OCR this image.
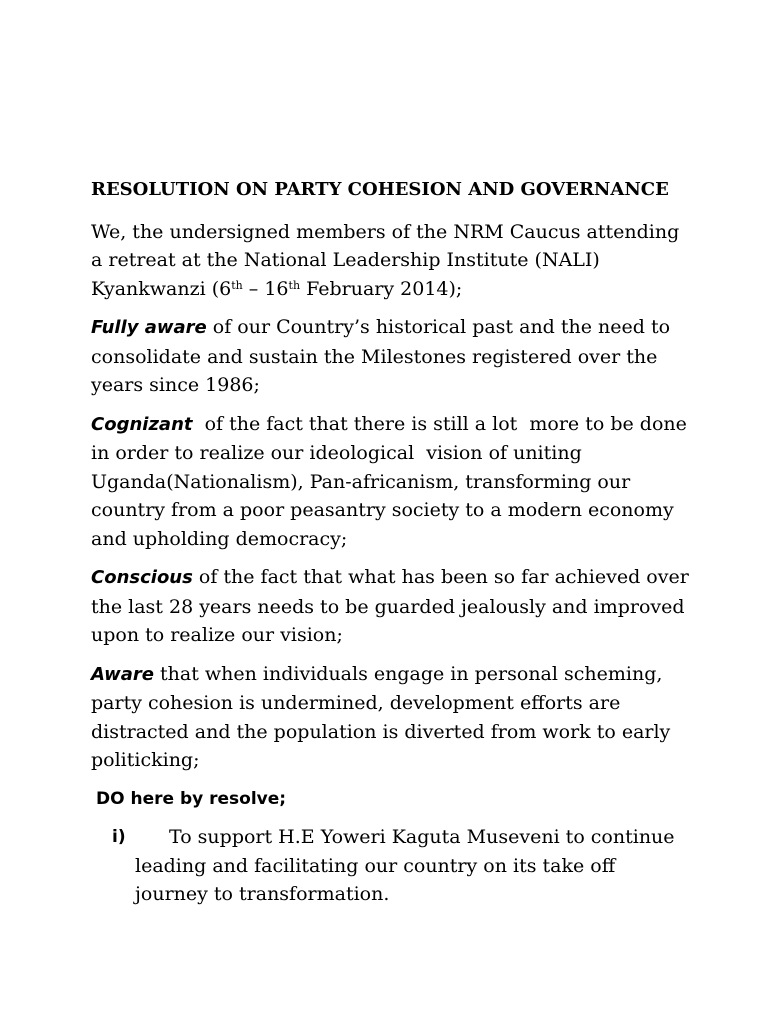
RESOLUTION ON PARTY COHESION AND GOVERNANCE
We, the undersigned members of the NRM Caucus attending a retreat at the National Leadership Institute (NALI) Kyankwanzi (6th – 16th February 2014);
Fully aware of our Country’s historical past and the need to consolidate and sustain the Milestones registered over the years since 1986;
Cognizant  of the fact that there is still a lot  more to be done in order to realize our ideological  vision of uniting Uganda(Nationalism), Pan-africanism, transforming our country from a poor peasantry society to a modern economy and upholding democracy;
Conscious of the fact that what has been so far achieved over the last 28 years needs to be guarded jealously and improved upon to realize our vision;
Aware that when individuals engage in personal scheming, party cohesion is undermined, development efforts are distracted and the population is diverted from work to early politicking;
DO here by resolve;
i)	To support H.E Yoweri Kaguta Museveni to continue leading and facilitating our country on its take off journey to transformation.
